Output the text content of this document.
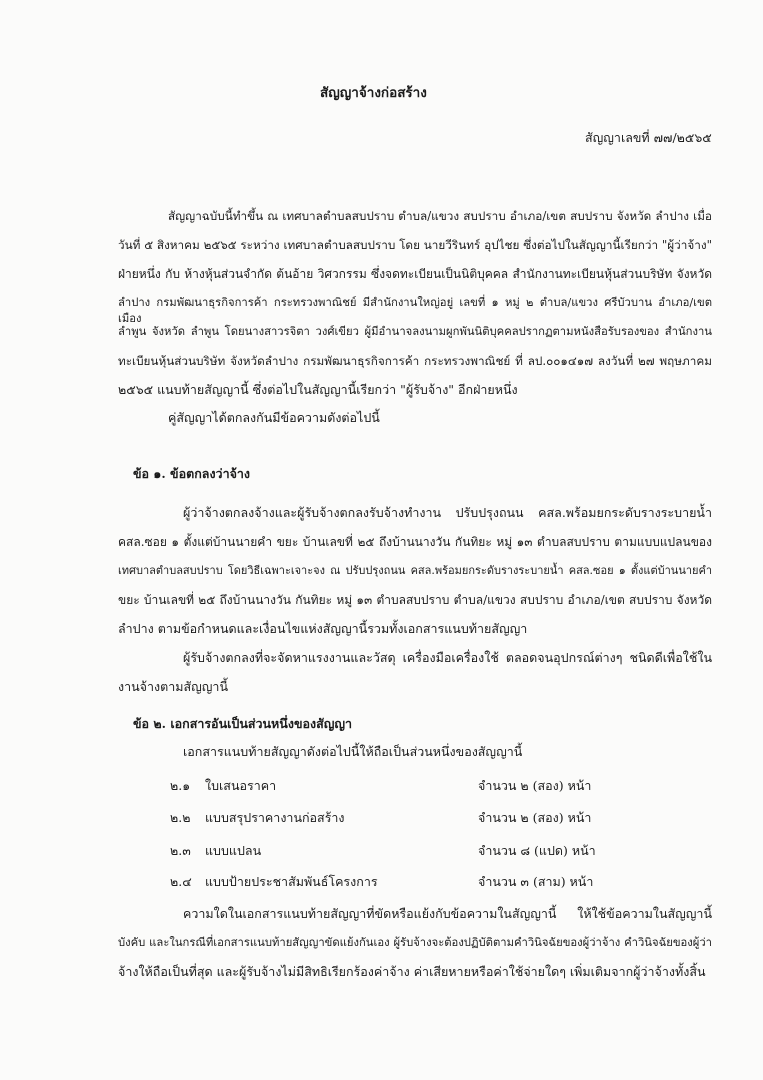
สัญญาจ้างก่อสร้าง
สัญญาเลขที่ ๗๗/๒๕๖๕
สัญญาฉบับนี้ทำขึ้น ณ เทศบาลตำบลสบปราบ ตำบล/แขวง สบปราบ อำเภอ/เขต สบปราบ จังหวัด ลำปาง เมื่อ
วันที่ ๕ สิงหาคม ๒๕๖๕ ระหว่าง เทศบาลตำบลสบปราบ โดย นายวีรินทร์ อุปไชย ซึ่งต่อไปในสัญญานี้เรียกว่า "ผู้ว่าจ้าง"
ฝ่ายหนึ่ง กับ ห้างหุ้นส่วนจำกัด ต้นอ้าย วิศวกรรม ซึ่งจดทะเบียนเป็นนิติบุคคล สำนักงานทะเบียนหุ้นส่วนบริษัท จังหวัด
ลำปาง กรมพัฒนาธุรกิจการค้า กระทรวงพาณิชย์ มีสำนักงานใหญ่อยู่ เลขที่ ๑ หมู่ ๒ ตำบล/แขวง ศรีบัวบาน อำเภอ/เขต เมือง
ลำพูน จังหวัด ลำพูน โดยนางสาวรจิตา วงศ์เขียว ผู้มีอำนาจลงนามผูกพันนิติบุคคลปรากฏตามหนังสือรับรองของ สำนักงาน
ทะเบียนหุ้นส่วนบริษัท จังหวัดลำปาง กรมพัฒนาธุรกิจการค้า กระทรวงพาณิชย์ ที่ ลป.๐๐๑๔๑๗ ลงวันที่ ๒๗ พฤษภาคม
๒๕๖๕ แนบท้ายสัญญานี้ ซึ่งต่อไปในสัญญานี้เรียกว่า "ผู้รับจ้าง" อีกฝ่ายหนึ่ง
คู่สัญญาได้ตกลงกันมีข้อความดังต่อไปนี้
ข้อ ๑. ข้อตกลงว่าจ้าง
ผู้ว่าจ้างตกลงจ้างและผู้รับจ้างตกลงรับจ้างทำงาน ปรับปรุงถนน คสล.พร้อมยกระดับรางระบายน้ำ
คสล.ซอย ๑ ตั้งแต่บ้านนายคำ ขยะ บ้านเลขที่ ๒๕ ถึงบ้านนางวัน กันทิยะ หมู่ ๑๓ ตำบลสบปราบ ตามแบบแปลนของ
เทศบาลตำบลสบปราบ โดยวิธีเฉพาะเจาะจง ณ ปรับปรุงถนน คสล.พร้อมยกระดับรางระบายน้ำ คสล.ซอย ๑ ตั้งแต่บ้านนายคำ
ขยะ บ้านเลขที่ ๒๕ ถึงบ้านนางวัน กันทิยะ หมู่ ๑๓ ตำบลสบปราบ ตำบล/แขวง สบปราบ อำเภอ/เขต สบปราบ จังหวัด
ลำปาง ตามข้อกำหนดและเงื่อนไขแห่งสัญญานี้รวมทั้งเอกสารแนบท้ายสัญญา
ผู้รับจ้างตกลงที่จะจัดหาแรงงานและวัสดุ เครื่องมือเครื่องใช้ ตลอดจนอุปกรณ์ต่างๆ ชนิดดีเพื่อใช้ใน
งานจ้างตามสัญญานี้
ข้อ ๒. เอกสารอันเป็นส่วนหนึ่งของสัญญา
เอกสารแนบท้ายสัญญาดังต่อไปนี้ให้ถือเป็นส่วนหนึ่งของสัญญานี้
๒.๑ ใบเสนอราคา	จำนวน ๒ (สอง) หน้า
๒.๒ แบบสรุปราคางานก่อสร้าง	จำนวน ๒ (สอง) หน้า
๒.๓ แบบแปลน	จำนวน ๘ (แปด) หน้า
๒.๔ แบบป้ายประชาสัมพันธ์โครงการ	จำนวน ๓ (สาม) หน้า
ความใดในเอกสารแนบท้ายสัญญาที่ขัดหรือแย้งกับข้อความในสัญญานี้ ให้ใช้ข้อความในสัญญานี้
บังคับ และในกรณีที่เอกสารแนบท้ายสัญญาขัดแย้งกันเอง ผู้รับจ้างจะต้องปฏิบัติตามคำวินิจฉัยของผู้ว่าจ้าง คำวินิจฉัยของผู้ว่า
จ้างให้ถือเป็นที่สุด และผู้รับจ้างไม่มีสิทธิเรียกร้องค่าจ้าง ค่าเสียหายหรือค่าใช้จ่ายใดๆ เพิ่มเติมจากผู้ว่าจ้างทั้งสิ้น
